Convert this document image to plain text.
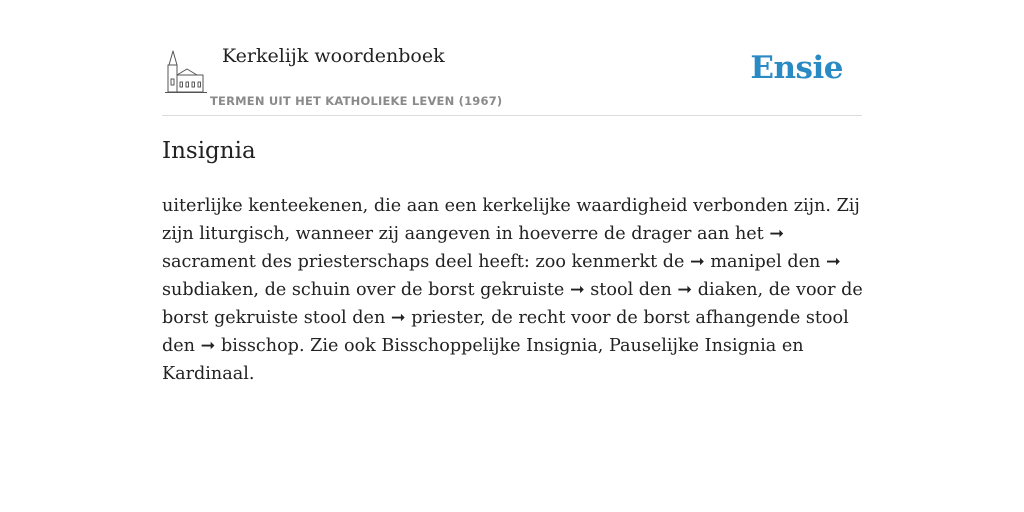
Kerkelijk woordenboek
TERMEN UIT HET KATHOLIEKE LEVEN (1967)
Ensie
Insignia

uiterlijke kenteekenen, die aan een kerkelijke waardigheid verbonden zijn. Zij zijn liturgisch, wanneer zij aangeven in hoeverre de drager aan het ➞ sacrament des priesterschaps deel heeft: zoo kenmerkt de ➞ manipel den ➞ subdiaken, de schuin over de borst gekruiste ➞ stool den ➞ diaken, de voor de borst gekruiste stool den ➞ priester, de recht voor de borst afhangende stool den ➞ bisschop. Zie ook Bisschoppelijke Insignia, Pauselijke Insignia en Kardinaal.
